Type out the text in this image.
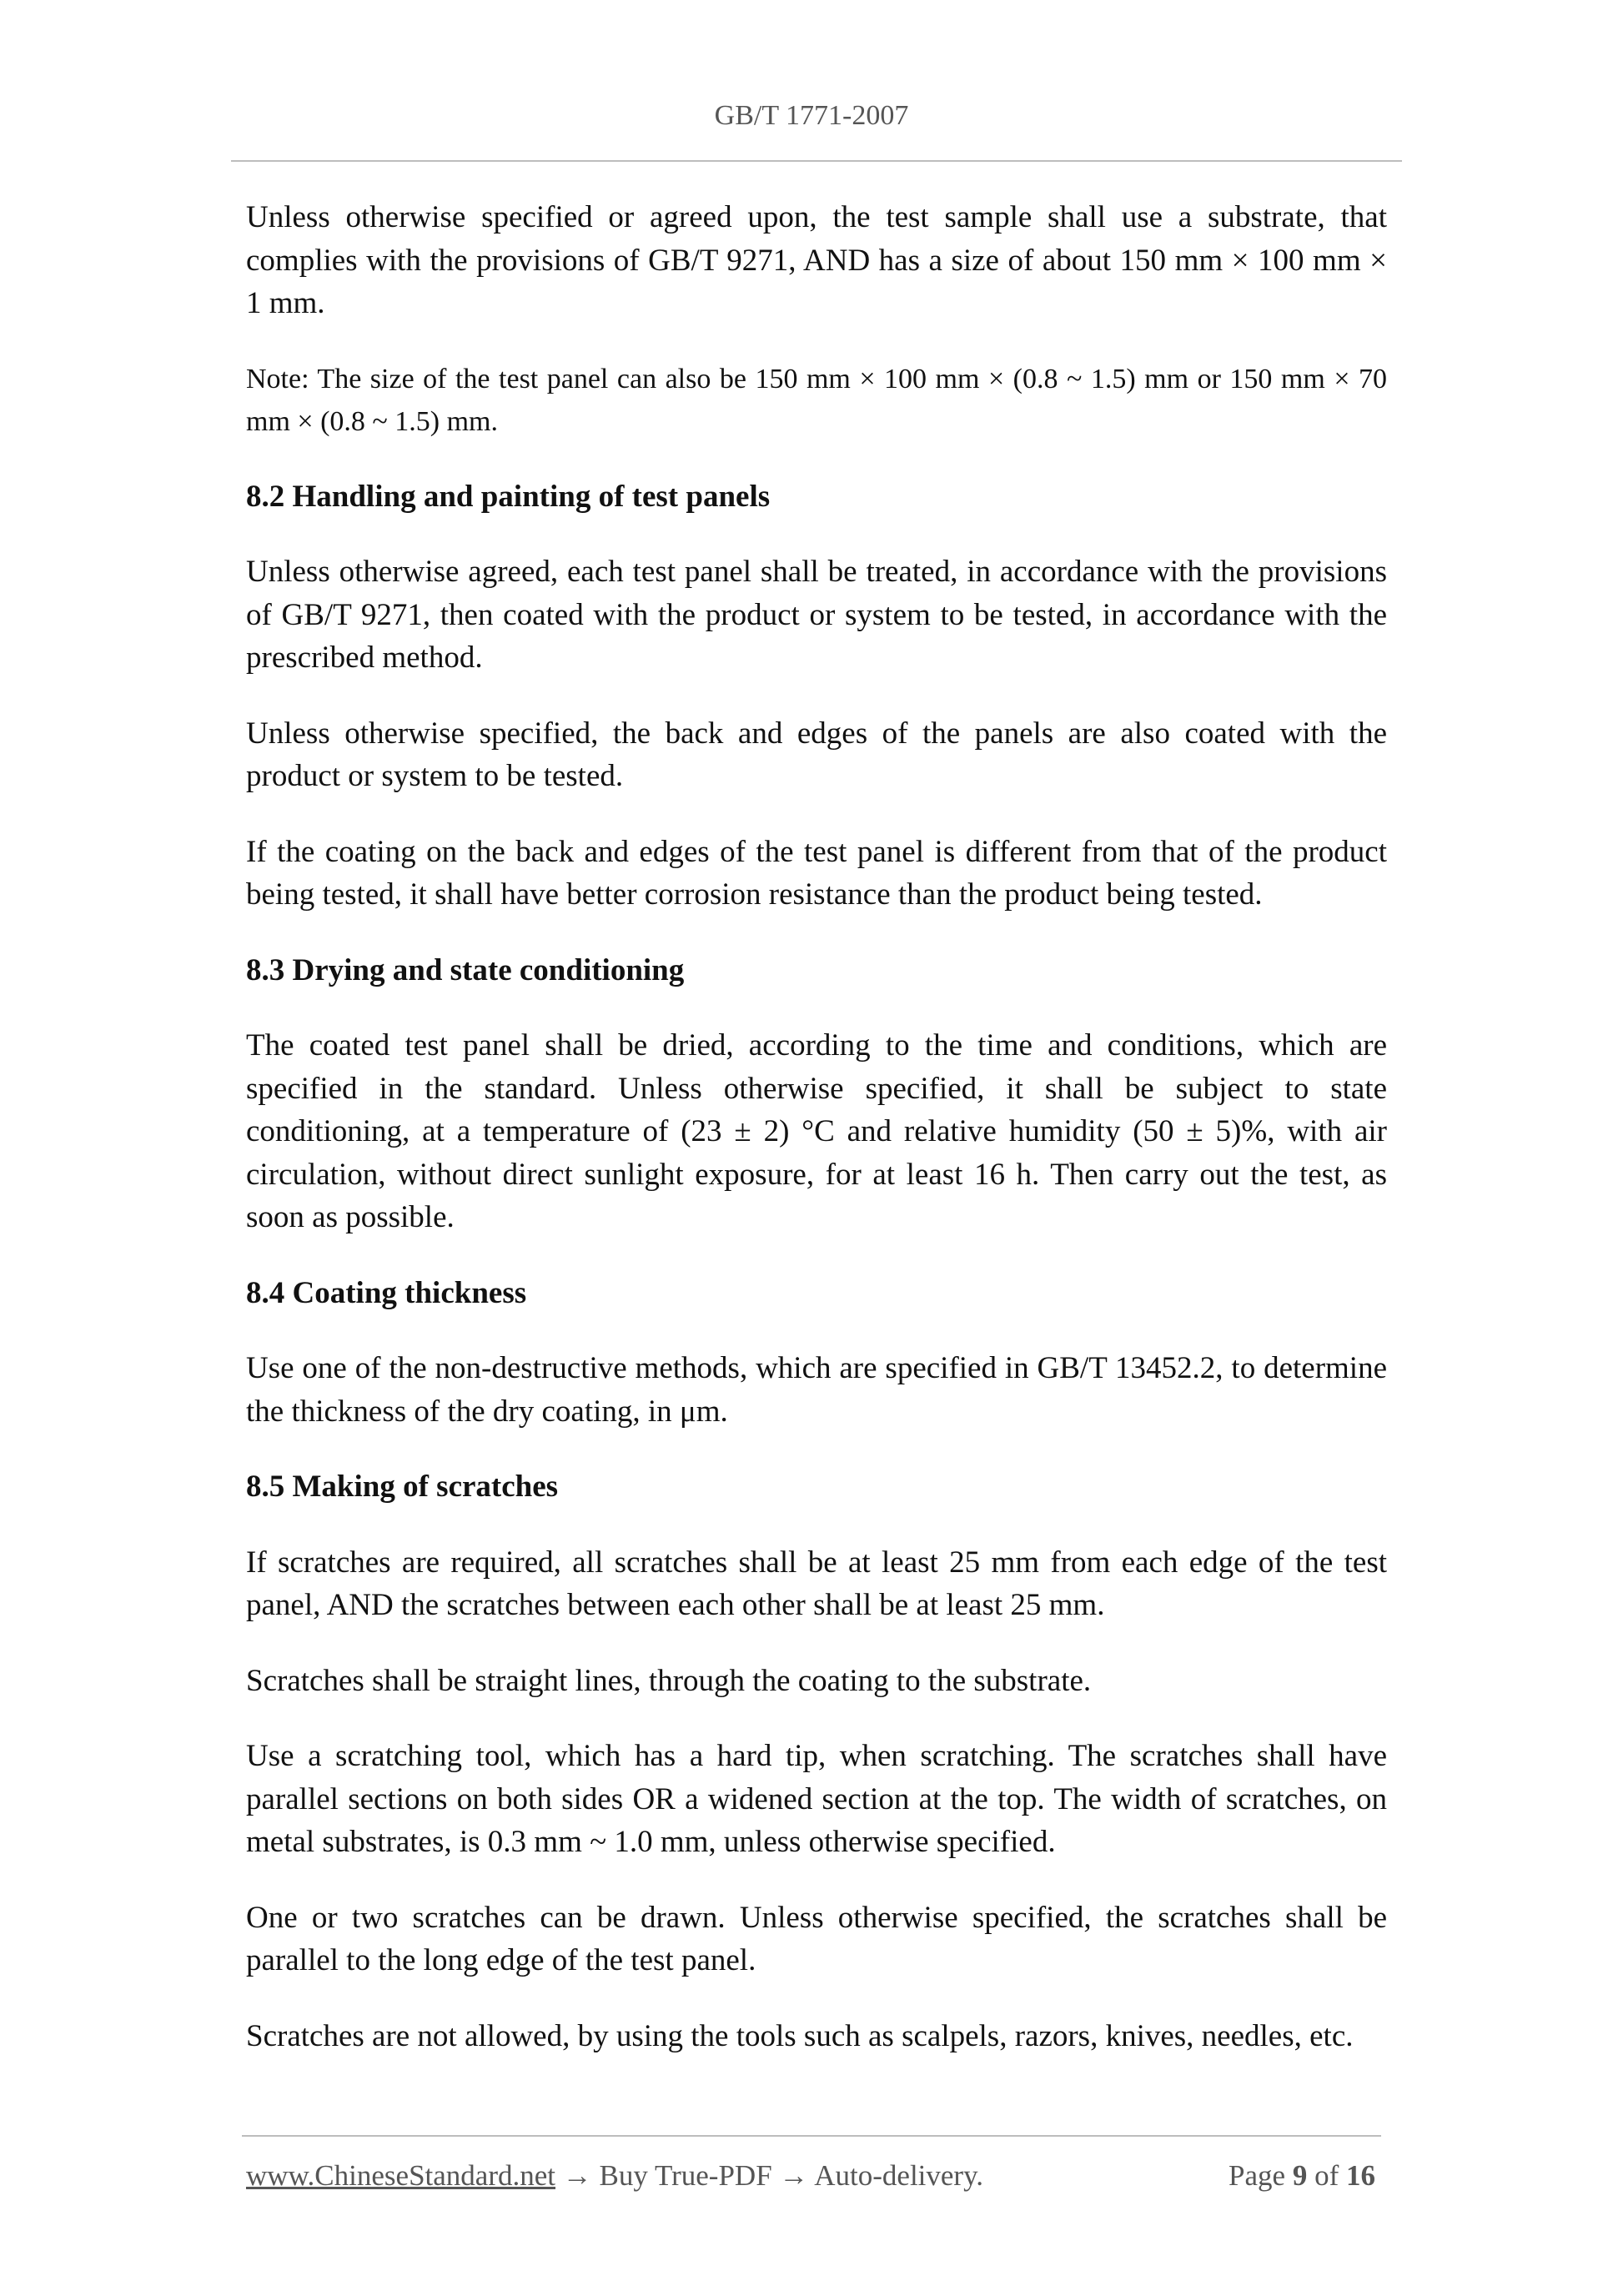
GB/T 1771-2007

Unless otherwise specified or agreed upon, the test sample shall use a substrate, that complies with the provisions of GB/T 9271, AND has a size of about 150 mm × 100 mm × 1 mm.

Note: The size of the test panel can also be 150 mm × 100 mm × (0.8 ~ 1.5) mm or 150 mm × 70 mm × (0.8 ~ 1.5) mm.

8.2 Handling and painting of test panels

Unless otherwise agreed, each test panel shall be treated, in accordance with the provisions of GB/T 9271, then coated with the product or system to be tested, in accordance with the prescribed method.

Unless otherwise specified, the back and edges of the panels are also coated with the product or system to be tested.

If the coating on the back and edges of the test panel is different from that of the product being tested, it shall have better corrosion resistance than the product being tested.

8.3 Drying and state conditioning

The coated test panel shall be dried, according to the time and conditions, which are specified in the standard. Unless otherwise specified, it shall be subject to state conditioning, at a temperature of (23 ± 2) °C and relative humidity (50 ± 5)%, with air circulation, without direct sunlight exposure, for at least 16 h. Then carry out the test, as soon as possible.

8.4 Coating thickness

Use one of the non-destructive methods, which are specified in GB/T 13452.2, to determine the thickness of the dry coating, in μm.

8.5 Making of scratches

If scratches are required, all scratches shall be at least 25 mm from each edge of the test panel, AND the scratches between each other shall be at least 25 mm.

Scratches shall be straight lines, through the coating to the substrate.

Use a scratching tool, which has a hard tip, when scratching. The scratches shall have parallel sections on both sides OR a widened section at the top. The width of scratches, on metal substrates, is 0.3 mm ~ 1.0 mm, unless otherwise specified.

One or two scratches can be drawn. Unless otherwise specified, the scratches shall be parallel to the long edge of the test panel.

Scratches are not allowed, by using the tools such as scalpels, razors, knives, needles, etc.

www.ChineseStandard.net → Buy True-PDF → Auto-delivery.	Page 9 of 16
